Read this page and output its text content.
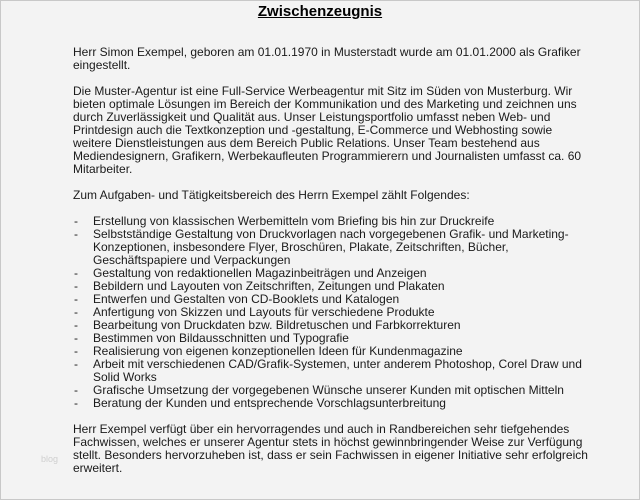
Zwischenzeugnis

Herr Simon Exempel, geboren am 01.01.1970 in Musterstadt wurde am 01.01.2000 als Grafiker eingestellt.

Die Muster-Agentur ist eine Full-Service Werbeagentur mit Sitz im Süden von Musterburg. Wir bieten optimale Lösungen im Bereich der Kommunikation und des Marketing und zeichnen uns durch Zuverlässigkeit und Qualität aus. Unser Leistungsportfolio umfasst neben Web- und Printdesign auch die Textkonzeption und -gestaltung, E-Commerce und Webhosting sowie weitere Dienstleistungen aus dem Bereich Public Relations. Unser Team bestehend aus Mediendesignern, Grafikern, Werbekaufleuten Programmierern und Journalisten umfasst ca. 60 Mitarbeiter.

Zum Aufgaben- und Tätigkeitsbereich des Herrn Exempel zählt Folgendes:

- Erstellung von klassischen Werbemitteln vom Briefing bis hin zur Druckreife
- Selbstständige Gestaltung von Druckvorlagen nach vorgegebenen Grafik- und Marketing-Konzeptionen, insbesondere Flyer, Broschüren, Plakate, Zeitschriften, Bücher, Geschäftspapiere und Verpackungen
- Gestaltung von redaktionellen Magazinbeiträgen und Anzeigen
- Bebildern und Layouten von Zeitschriften, Zeitungen und Plakaten
- Entwerfen und Gestalten von CD-Booklets und Katalogen
- Anfertigung von Skizzen und Layouts für verschiedene Produkte
- Bearbeitung von Druckdaten bzw. Bildretuschen und Farbkorrekturen
- Bestimmen von Bildausschnitten und Typografie
- Realisierung von eigenen konzeptionellen Ideen für Kundenmagazine
- Arbeit mit verschiedenen CAD/Grafik-Systemen, unter anderem Photoshop, Corel Draw und Solid Works
- Grafische Umsetzung der vorgegebenen Wünsche unserer Kunden mit optischen Mitteln
- Beratung der Kunden und entsprechende Vorschlagsunterbreitung

Herr Exempel verfügt über ein hervorragendes und auch in Randbereichen sehr tiefgehendes Fachwissen, welches er unserer Agentur stets in höchst gewinnbringender Weise zur Verfügung stellt. Besonders hervorzuheben ist, dass er sein Fachwissen in eigener Initiative sehr erfolgreich erweitert.

blog
